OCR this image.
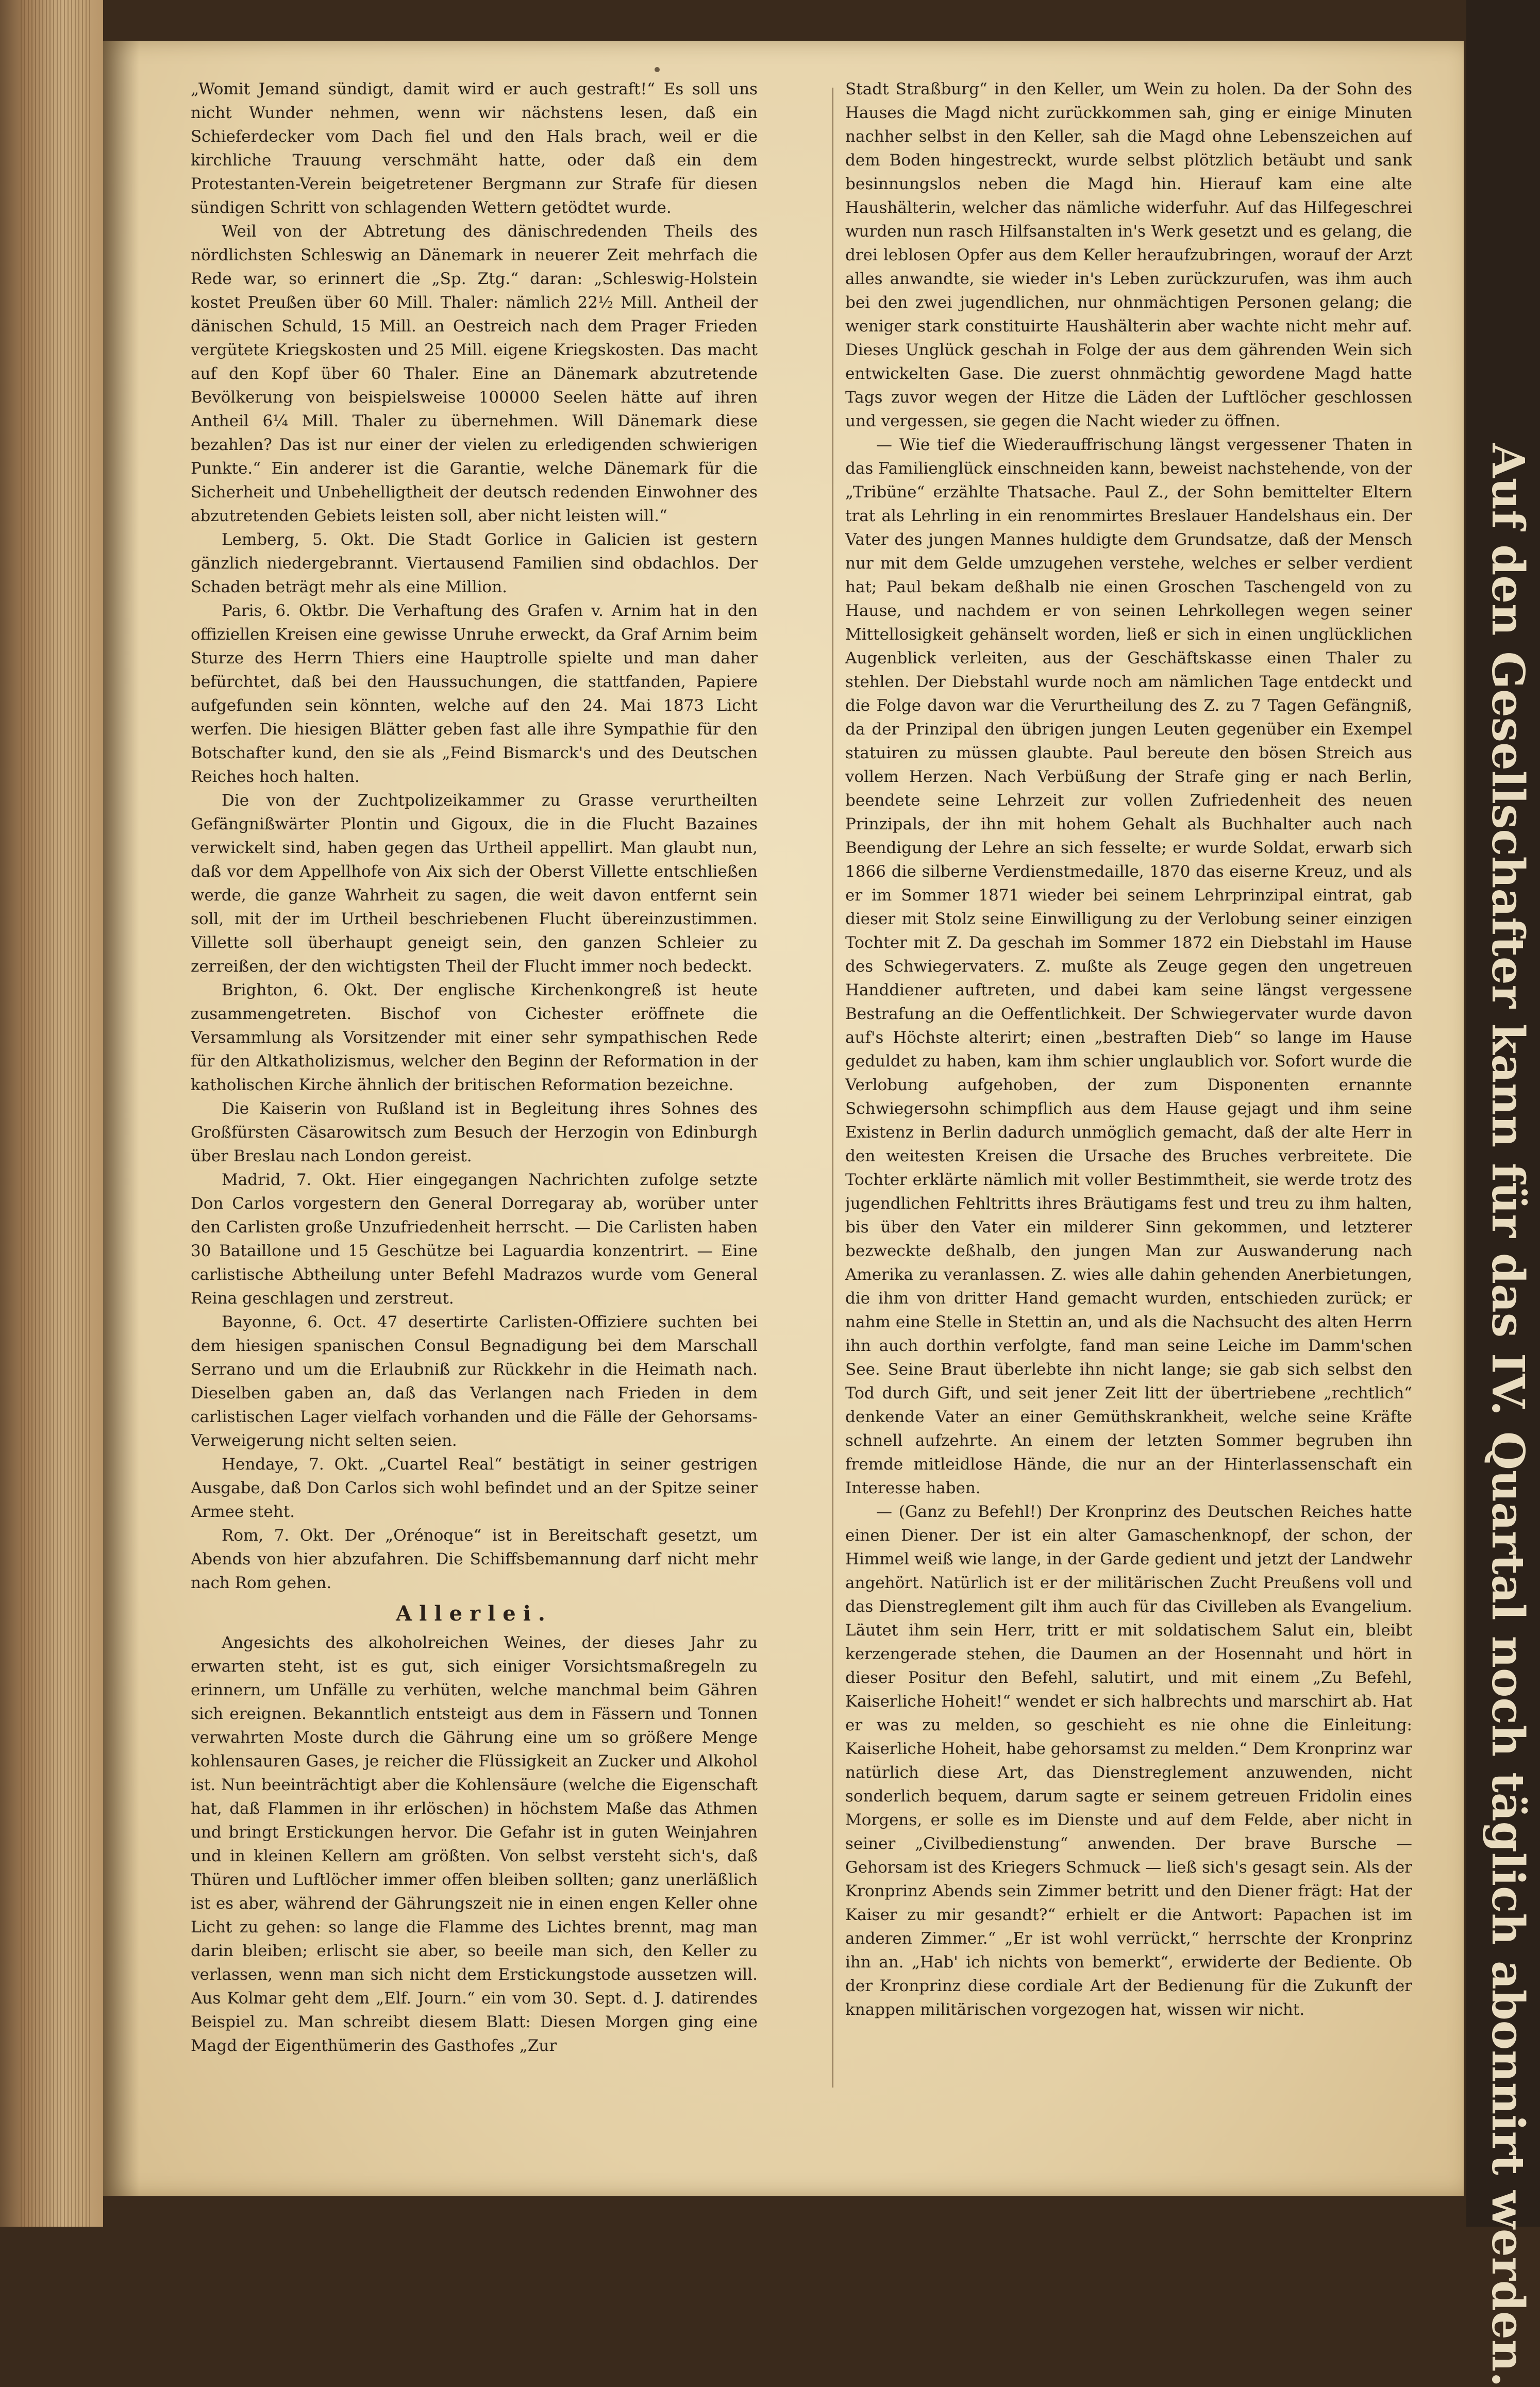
„Womit Jemand sündigt, damit wird er auch gestraft!“ Es soll uns nicht Wunder nehmen, wenn wir nächstens lesen, daß ein Schieferdecker vom Dach fiel und den Hals brach, weil er die kirchliche Trauung verschmäht hatte, oder daß ein dem Protestanten-Verein beigetretener Bergmann zur Strafe für diesen sündigen Schritt von schlagenden Wettern getödtet wurde.

Weil von der Abtretung des dänischredenden Theils des nördlichsten Schleswig an Dänemark in neuerer Zeit mehrfach die Rede war, so erinnert die „Sp. Ztg.“ daran: „Schleswig-Holstein kostet Preußen über 60 Mill. Thaler: nämlich 22½ Mill. Antheil der dänischen Schuld, 15 Mill. an Oestreich nach dem Prager Frieden vergütete Kriegskosten und 25 Mill. eigene Kriegskosten. Das macht auf den Kopf über 60 Thaler. Eine an Dänemark abzutretende Bevölkerung von beispielsweise 100000 Seelen hätte auf ihren Antheil 6¼ Mill. Thaler zu übernehmen. Will Dänemark diese bezahlen? Das ist nur einer der vielen zu erledigenden schwierigen Punkte.“ Ein anderer ist die Garantie, welche Dänemark für die Sicherheit und Unbehelligtheit der deutsch redenden Einwohner des abzutretenden Gebiets leisten soll, aber nicht leisten will.“

Lemberg, 5. Okt. Die Stadt Gorlice in Galicien ist gestern gänzlich niedergebrannt. Viertausend Familien sind obdachlos. Der Schaden beträgt mehr als eine Million.

Paris, 6. Oktbr. Die Verhaftung des Grafen v. Arnim hat in den offiziellen Kreisen eine gewisse Unruhe erweckt, da Graf Arnim beim Sturze des Herrn Thiers eine Hauptrolle spielte und man daher befürchtet, daß bei den Haussuchungen, die stattfanden, Papiere aufgefunden sein könnten, welche auf den 24. Mai 1873 Licht werfen. Die hiesigen Blätter geben fast alle ihre Sympathie für den Botschafter kund, den sie als „Feind Bismarck's und des Deutschen Reiches hoch halten.

Die von der Zuchtpolizeikammer zu Grasse verurtheilten Gefängnißwärter Plontin und Gigoux, die in die Flucht Bazaines verwickelt sind, haben gegen das Urtheil appellirt. Man glaubt nun, daß vor dem Appellhofe von Aix sich der Oberst Villette entschließen werde, die ganze Wahrheit zu sagen, die weit davon entfernt sein soll, mit der im Urtheil beschriebenen Flucht übereinzustimmen. Villette soll überhaupt geneigt sein, den ganzen Schleier zu zerreißen, der den wichtigsten Theil der Flucht immer noch bedeckt.

Brighton, 6. Okt. Der englische Kirchenkongreß ist heute zusammengetreten. Bischof von Cichester eröffnete die Versammlung als Vorsitzender mit einer sehr sympathischen Rede für den Altkatholizismus, welcher den Beginn der Reformation in der katholischen Kirche ähnlich der britischen Reformation bezeichne.

Die Kaiserin von Rußland ist in Begleitung ihres Sohnes des Großfürsten Cäsarowitsch zum Besuch der Herzogin von Edinburgh über Breslau nach London gereist.

Madrid, 7. Okt. Hier eingegangen Nachrichten zufolge setzte Don Carlos vorgestern den General Dorregaray ab, worüber unter den Carlisten große Unzufriedenheit herrscht. — Die Carlisten haben 30 Bataillone und 15 Geschütze bei Laguardia konzentrirt. — Eine carlistische Abtheilung unter Befehl Madrazos wurde vom General Reina geschlagen und zerstreut.

Bayonne, 6. Oct. 47 desertirte Carlisten-Offiziere suchten bei dem hiesigen spanischen Consul Begnadigung bei dem Marschall Serrano und um die Erlaubniß zur Rückkehr in die Heimath nach. Dieselben gaben an, daß das Verlangen nach Frieden in dem carlistischen Lager vielfach vorhanden und die Fälle der Gehorsams-Verweigerung nicht selten seien.

Hendaye, 7. Okt. „Cuartel Real“ bestätigt in seiner gestrigen Ausgabe, daß Don Carlos sich wohl befindet und an der Spitze seiner Armee steht.

Rom, 7. Okt. Der „Orénoque“ ist in Bereitschaft gesetzt, um Abends von hier abzufahren. Die Schiffsbemannung darf nicht mehr nach Rom gehen.

Allerlei.

Angesichts des alkoholreichen Weines, der dieses Jahr zu erwarten steht, ist es gut, sich einiger Vorsichtsmaßregeln zu erinnern, um Unfälle zu verhüten, welche manchmal beim Gähren sich ereignen. Bekanntlich entsteigt aus dem in Fässern und Tonnen verwahrten Moste durch die Gährung eine um so größere Menge kohlensauren Gases, je reicher die Flüssigkeit an Zucker und Alkohol ist. Nun beeinträchtigt aber die Kohlensäure (welche die Eigenschaft hat, daß Flammen in ihr erlöschen) in höchstem Maße das Athmen und bringt Erstickungen hervor. Die Gefahr ist in guten Weinjahren und in kleinen Kellern am größten. Von selbst versteht sich's, daß Thüren und Luftlöcher immer offen bleiben sollten; ganz unerläßlich ist es aber, während der Gährungszeit nie in einen engen Keller ohne Licht zu gehen: so lange die Flamme des Lichtes brennt, mag man darin bleiben; erlischt sie aber, so beeile man sich, den Keller zu verlassen, wenn man sich nicht dem Erstickungstode aussetzen will. Aus Kolmar geht dem „Elf. Journ.“ ein vom 30. Sept. d. J. datirendes Beispiel zu. Man schreibt diesem Blatt: Diesen Morgen ging eine Magd der Eigenthümerin des Gasthofes „Zur

Stadt Straßburg“ in den Keller, um Wein zu holen. Da der Sohn des Hauses die Magd nicht zurückkommen sah, ging er einige Minuten nachher selbst in den Keller, sah die Magd ohne Lebenszeichen auf dem Boden hingestreckt, wurde selbst plötzlich betäubt und sank besinnungslos neben die Magd hin. Hierauf kam eine alte Haushälterin, welcher das nämliche widerfuhr. Auf das Hilfegeschrei wurden nun rasch Hilfsanstalten in's Werk gesetzt und es gelang, die drei leblosen Opfer aus dem Keller heraufzubringen, worauf der Arzt alles anwandte, sie wieder in's Leben zurückzurufen, was ihm auch bei den zwei jugendlichen, nur ohnmächtigen Personen gelang; die weniger stark constituirte Haushälterin aber wachte nicht mehr auf. Dieses Unglück geschah in Folge der aus dem gährenden Wein sich entwickelten Gase. Die zuerst ohnmächtig gewordene Magd hatte Tags zuvor wegen der Hitze die Läden der Luftlöcher geschlossen und vergessen, sie gegen die Nacht wieder zu öffnen.

— Wie tief die Wiederauffrischung längst vergessener Thaten in das Familienglück einschneiden kann, beweist nachstehende, von der „Tribüne“ erzählte Thatsache. Paul Z., der Sohn bemittelter Eltern trat als Lehrling in ein renommirtes Breslauer Handelshaus ein. Der Vater des jungen Mannes huldigte dem Grundsatze, daß der Mensch nur mit dem Gelde umzugehen verstehe, welches er selber verdient hat; Paul bekam deßhalb nie einen Groschen Taschengeld von zu Hause, und nachdem er von seinen Lehrkollegen wegen seiner Mittellosigkeit gehänselt worden, ließ er sich in einen unglücklichen Augenblick verleiten, aus der Geschäftskasse einen Thaler zu stehlen. Der Diebstahl wurde noch am nämlichen Tage entdeckt und die Folge davon war die Verurtheilung des Z. zu 7 Tagen Gefängniß, da der Prinzipal den übrigen jungen Leuten gegenüber ein Exempel statuiren zu müssen glaubte. Paul bereute den bösen Streich aus vollem Herzen. Nach Verbüßung der Strafe ging er nach Berlin, beendete seine Lehrzeit zur vollen Zufriedenheit des neuen Prinzipals, der ihn mit hohem Gehalt als Buchhalter auch nach Beendigung der Lehre an sich fesselte; er wurde Soldat, erwarb sich 1866 die silberne Verdienstmedaille, 1870 das eiserne Kreuz, und als er im Sommer 1871 wieder bei seinem Lehrprinzipal eintrat, gab dieser mit Stolz seine Einwilligung zu der Verlobung seiner einzigen Tochter mit Z. Da geschah im Sommer 1872 ein Diebstahl im Hause des Schwiegervaters. Z. mußte als Zeuge gegen den ungetreuen Handdiener auftreten, und dabei kam seine längst vergessene Bestrafung an die Oeffentlichkeit. Der Schwiegervater wurde davon auf's Höchste alterirt; einen „bestraften Dieb“ so lange im Hause geduldet zu haben, kam ihm schier unglaublich vor. Sofort wurde die Verlobung aufgehoben, der zum Disponenten ernannte Schwiegersohn schimpflich aus dem Hause gejagt und ihm seine Existenz in Berlin dadurch unmöglich gemacht, daß der alte Herr in den weitesten Kreisen die Ursache des Bruches verbreitete. Die Tochter erklärte nämlich mit voller Bestimmtheit, sie werde trotz des jugendlichen Fehltritts ihres Bräutigams fest und treu zu ihm halten, bis über den Vater ein milderer Sinn gekommen, und letzterer bezweckte deßhalb, den jungen Man zur Auswanderung nach Amerika zu veranlassen. Z. wies alle dahin gehenden Anerbietungen, die ihm von dritter Hand gemacht wurden, entschieden zurück; er nahm eine Stelle in Stettin an, und als die Nachsucht des alten Herrn ihn auch dorthin verfolgte, fand man seine Leiche im Damm'schen See. Seine Braut überlebte ihn nicht lange; sie gab sich selbst den Tod durch Gift, und seit jener Zeit litt der übertriebene „rechtlich“ denkende Vater an einer Gemüthskrankheit, welche seine Kräfte schnell aufzehrte. An einem der letzten Sommer begruben ihn fremde mitleidlose Hände, die nur an der Hinterlassenschaft ein Interesse haben.

— (Ganz zu Befehl!) Der Kronprinz des Deutschen Reiches hatte einen Diener. Der ist ein alter Gamaschenknopf, der schon, der Himmel weiß wie lange, in der Garde gedient und jetzt der Landwehr angehört. Natürlich ist er der militärischen Zucht Preußens voll und das Dienstreglement gilt ihm auch für das Civilleben als Evangelium. Läutet ihm sein Herr, tritt er mit soldatischem Salut ein, bleibt kerzengerade stehen, die Daumen an der Hosennaht und hört in dieser Positur den Befehl, salutirt, und mit einem „Zu Befehl, Kaiserliche Hoheit!“ wendet er sich halbrechts und marschirt ab. Hat er was zu melden, so geschieht es nie ohne die Einleitung: Kaiserliche Hoheit, habe gehorsamst zu melden.“ Dem Kronprinz war natürlich diese Art, das Dienstreglement anzuwenden, nicht sonderlich bequem, darum sagte er seinem getreuen Fridolin eines Morgens, er solle es im Dienste und auf dem Felde, aber nicht in seiner „Civilbedienstung“ anwenden. Der brave Bursche — Gehorsam ist des Kriegers Schmuck — ließ sich's gesagt sein. Als der Kronprinz Abends sein Zimmer betritt und den Diener frägt: Hat der Kaiser zu mir gesandt?“ erhielt er die Antwort: Papachen ist im anderen Zimmer.“ „Er ist wohl verrückt,“ herrschte der Kronprinz ihn an. „Hab' ich nichts von bemerkt“, erwiderte der Bediente. Ob der Kronprinz diese cordiale Art der Bedienung für die Zukunft der knappen militärischen vorgezogen hat, wissen wir nicht.	Auf den Gesellschafter kann für das IV. Quartal noch täglich abonnirt werden.
